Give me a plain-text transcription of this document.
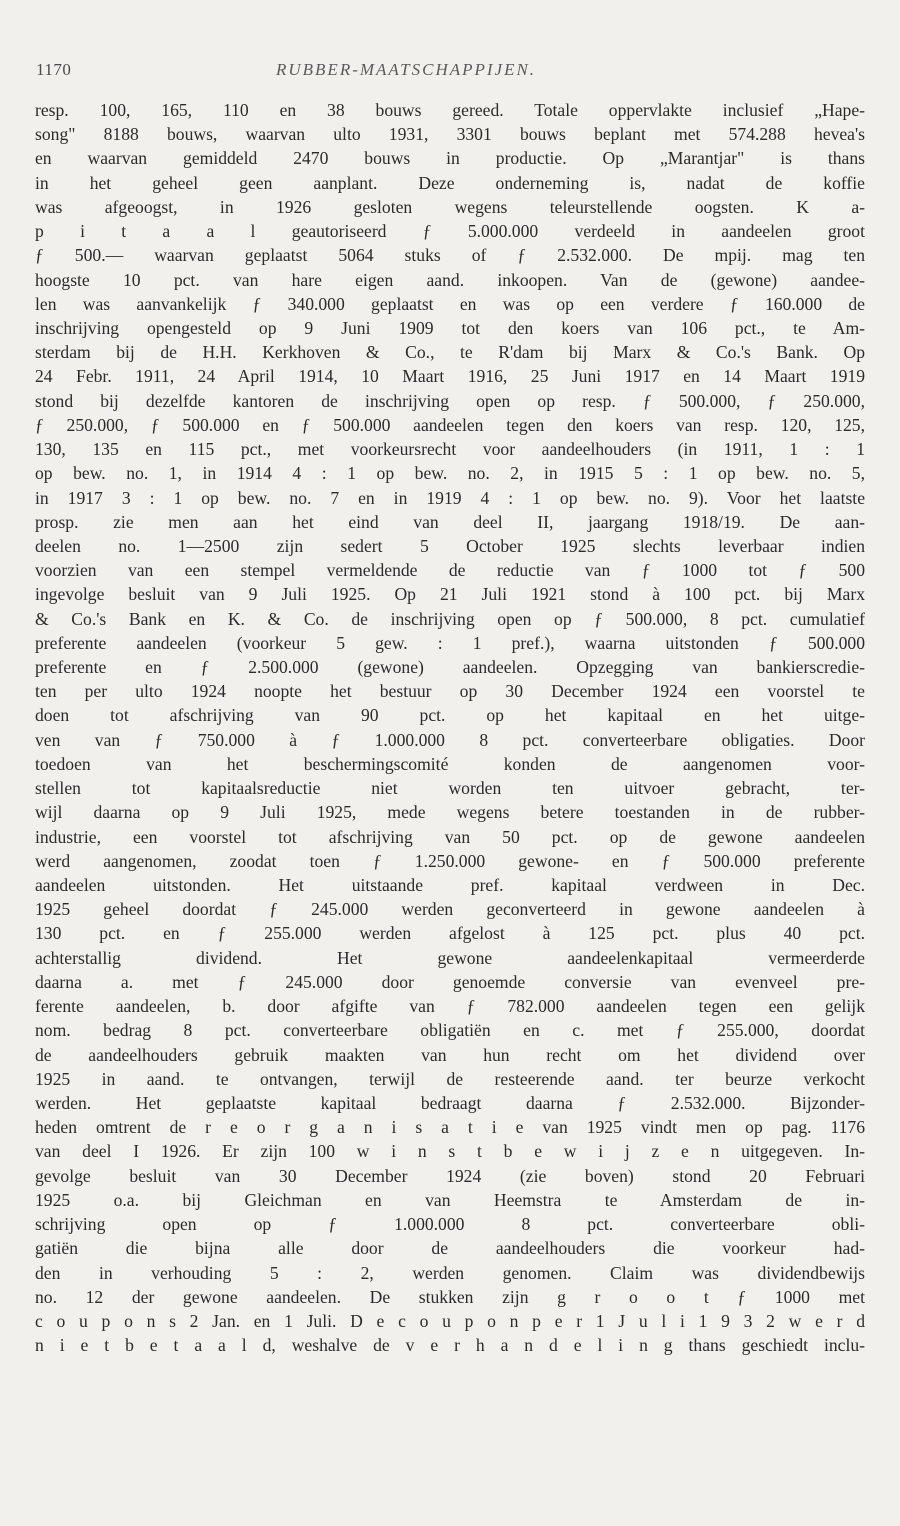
1170	RUBBER-MAATSCHAPPIJEN.
resp. 100, 165, 110 en 38 bouws gereed. Totale oppervlakte inclusief „Hape-
song" 8188 bouws, waarvan ulto 1931, 3301 bouws beplant met 574.288 hevea's
en waarvan gemiddeld 2470 bouws in productie. Op „Marantjar" is thans
in het geheel geen aanplant. Deze onderneming is, nadat de koffie
was afgeoogst, in 1926 gesloten wegens teleurstellende oogsten. K a-
p i t a a l geautoriseerd ƒ 5.000.000 verdeeld in aandeelen groot
ƒ 500.— waarvan geplaatst 5064 stuks of ƒ 2.532.000. De mpij. mag ten
hoogste 10 pct. van hare eigen aand. inkoopen. Van de (gewone) aandee-
len was aanvankelijk ƒ 340.000 geplaatst en was op een verdere ƒ 160.000 de
inschrijving opengesteld op 9 Juni 1909 tot den koers van 106 pct., te Am-
sterdam bij de H.H. Kerkhoven & Co., te R'dam bij Marx & Co.'s Bank. Op
24 Febr. 1911, 24 April 1914, 10 Maart 1916, 25 Juni 1917 en 14 Maart 1919
stond bij dezelfde kantoren de inschrijving open op resp. ƒ 500.000, ƒ 250.000,
ƒ 250.000, ƒ 500.000 en ƒ 500.000 aandeelen tegen den koers van resp. 120, 125,
130, 135 en 115 pct., met voorkeursrecht voor aandeelhouders (in 1911, 1 : 1
op bew. no. 1, in 1914 4 : 1 op bew. no. 2, in 1915 5 : 1 op bew. no. 5,
in 1917 3 : 1 op bew. no. 7 en in 1919 4 : 1 op bew. no. 9). Voor het laatste
prosp. zie men aan het eind van deel II, jaargang 1918/19. De aan-
deelen no. 1—2500 zijn sedert 5 October 1925 slechts leverbaar indien
voorzien van een stempel vermeldende de reductie van ƒ 1000 tot ƒ 500
ingevolge besluit van 9 Juli 1925. Op 21 Juli 1921 stond à 100 pct. bij Marx
& Co.'s Bank en K. & Co. de inschrijving open op ƒ 500.000, 8 pct. cumulatief
preferente aandeelen (voorkeur 5 gew. : 1 pref.), waarna uitstonden ƒ 500.000
preferente en ƒ 2.500.000 (gewone) aandeelen. Opzegging van bankierscredie-
ten per ulto 1924 noopte het bestuur op 30 December 1924 een voorstel te
doen tot afschrijving van 90 pct. op het kapitaal en het uitge-
ven van ƒ 750.000 à ƒ 1.000.000 8 pct. converteerbare obligaties. Door
toedoen van het beschermingscomité konden de aangenomen voor-
stellen tot kapitaalsreductie niet worden ten uitvoer gebracht, ter-
wijl daarna op 9 Juli 1925, mede wegens betere toestanden in de rubber-
industrie, een voorstel tot afschrijving van 50 pct. op de gewone aandeelen
werd aangenomen, zoodat toen ƒ 1.250.000 gewone- en ƒ 500.000 preferente
aandeelen uitstonden. Het uitstaande pref. kapitaal verdween in Dec.
1925 geheel doordat ƒ 245.000 werden geconverteerd in gewone aandeelen à
130 pct. en ƒ 255.000 werden afgelost à 125 pct. plus 40 pct.
achterstallig dividend. Het gewone aandeelenkapitaal vermeerderde
daarna a. met ƒ 245.000 door genoemde conversie van evenveel pre-
ferente aandeelen, b. door afgifte van ƒ 782.000 aandeelen tegen een gelijk
nom. bedrag 8 pct. converteerbare obligatiën en c. met ƒ 255.000, doordat
de aandeelhouders gebruik maakten van hun recht om het dividend over
1925 in aand. te ontvangen, terwijl de resteerende aand. ter beurze verkocht
werden. Het geplaatste kapitaal bedraagt daarna ƒ 2.532.000. Bijzonder-
heden omtrent de r e o r g a n i s a t i e van 1925 vindt men op pag. 1176
van deel I 1926. Er zijn 100 w i n s t b e w i j z e n uitgegeven. In-
gevolge besluit van 30 December 1924 (zie boven) stond 20 Februari
1925 o.a. bij Gleichman en van Heemstra te Amsterdam de in-
schrijving open op ƒ 1.000.000 8 pct. converteerbare obli-
gatiën die bijna alle door de aandeelhouders die voorkeur had-
den in verhouding 5 : 2, werden genomen. Claim was dividendbewijs
no. 12 der gewone aandeelen. De stukken zijn g r o o t ƒ 1000 met
c o u p o n s 2 Jan. en 1 Juli. D e c o u p o n p e r 1 J u l i 1 9 3 2 w e r d
n i e t b e t a a l d, weshalve de v e r h a n d e l i n g thans geschiedt inclu-
